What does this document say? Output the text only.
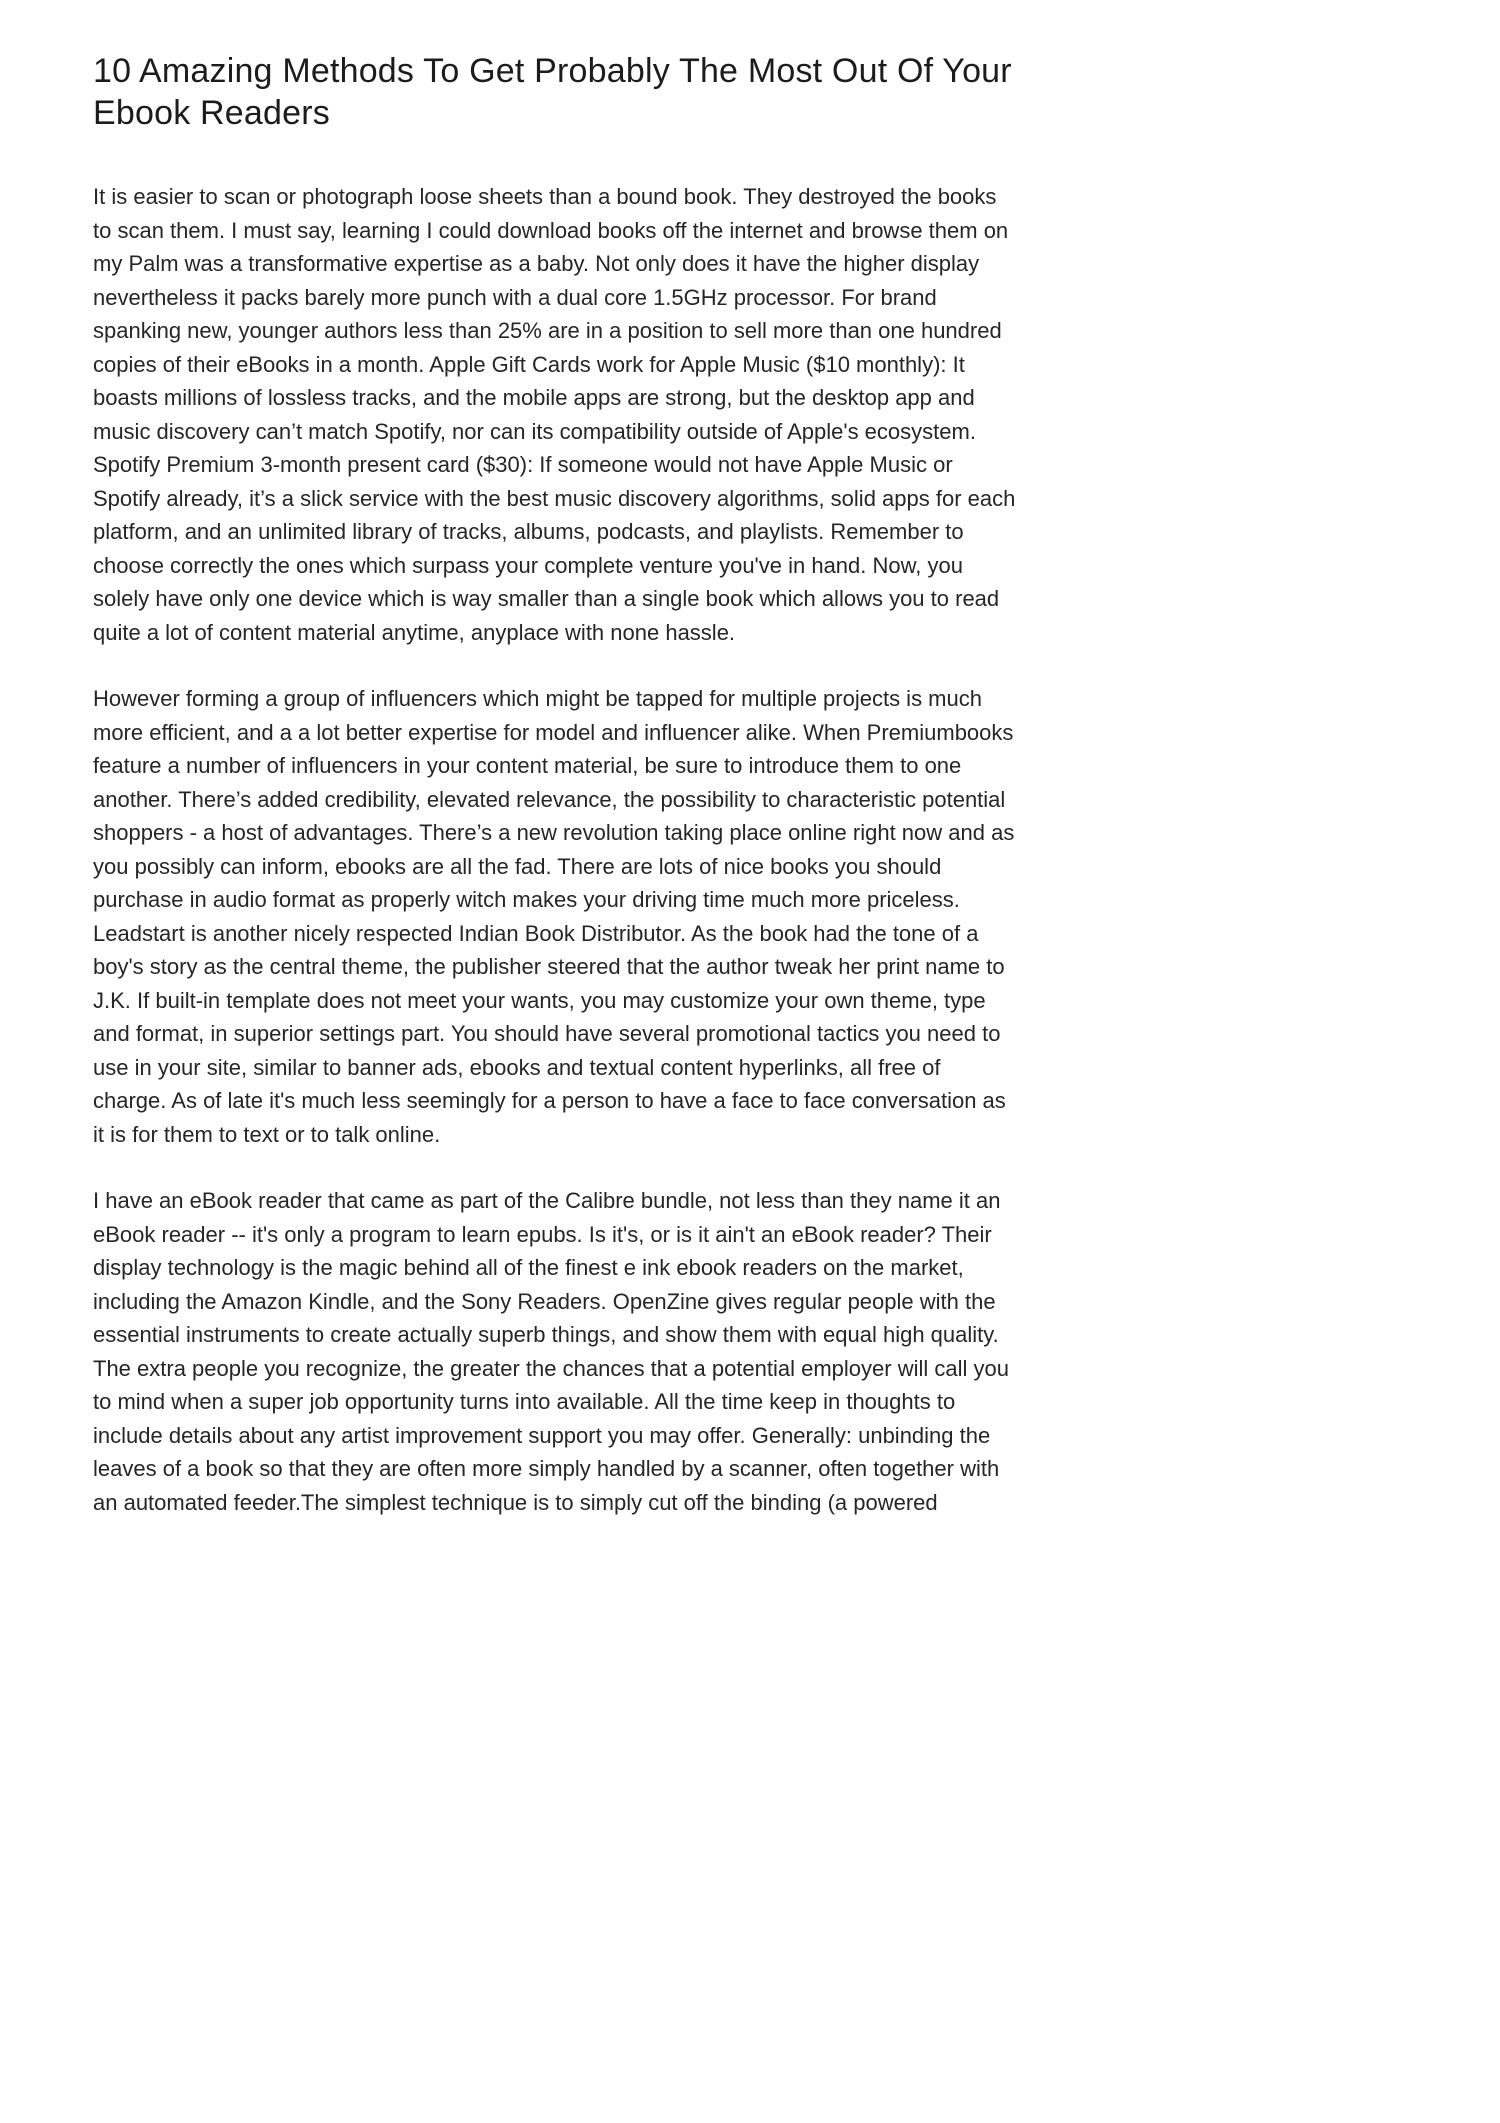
10 Amazing Methods To Get Probably The Most Out Of Your Ebook Readers

It is easier to scan or photograph loose sheets than a bound book. They destroyed the books to scan them. I must say, learning I could download books off the internet and browse them on my Palm was a transformative expertise as a baby. Not only does it have the higher display nevertheless it packs barely more punch with a dual core 1.5GHz processor. For brand spanking new, younger authors less than 25% are in a position to sell more than one hundred copies of their eBooks in a month. Apple Gift Cards work for Apple Music ($10 monthly): It boasts millions of lossless tracks, and the mobile apps are strong, but the desktop app and music discovery can’t match Spotify, nor can its compatibility outside of Apple's ecosystem. Spotify Premium 3-month present card ($30): If someone would not have Apple Music or Spotify already, it’s a slick service with the best music discovery algorithms, solid apps for each platform, and an unlimited library of tracks, albums, podcasts, and playlists. Remember to choose correctly the ones which surpass your complete venture you've in hand. Now, you solely have only one device which is way smaller than a single book which allows you to read quite a lot of content material anytime, anyplace with none hassle.

However forming a group of influencers which might be tapped for multiple projects is much more efficient, and a a lot better expertise for model and influencer alike. When Premiumbooks feature a number of influencers in your content material, be sure to introduce them to one another. There’s added credibility, elevated relevance, the possibility to characteristic potential shoppers - a host of advantages. There’s a new revolution taking place online right now and as you possibly can inform, ebooks are all the fad. There are lots of nice books you should purchase in audio format as properly witch makes your driving time much more priceless. Leadstart is another nicely respected Indian Book Distributor. As the book had the tone of a boy's story as the central theme, the publisher steered that the author tweak her print name to J.K. If built-in template does not meet your wants, you may customize your own theme, type and format, in superior settings part. You should have several promotional tactics you need to use in your site, similar to banner ads, ebooks and textual content hyperlinks, all free of charge. As of late it's much less seemingly for a person to have a face to face conversation as it is for them to text or to talk online.

I have an eBook reader that came as part of the Calibre bundle, not less than they name it an eBook reader -- it's only a program to learn epubs. Is it's, or is it ain't an eBook reader? Their display technology is the magic behind all of the finest e ink ebook readers on the market, including the Amazon Kindle, and the Sony Readers. OpenZine gives regular people with the essential instruments to create actually superb things, and show them with equal high quality. The extra people you recognize, the greater the chances that a potential employer will call you to mind when a super job opportunity turns into available. All the time keep in thoughts to include details about any artist improvement support you may offer. Generally: unbinding the leaves of a book so that they are often more simply handled by a scanner, often together with an automated feeder.The simplest technique is to simply cut off the binding (a powered
